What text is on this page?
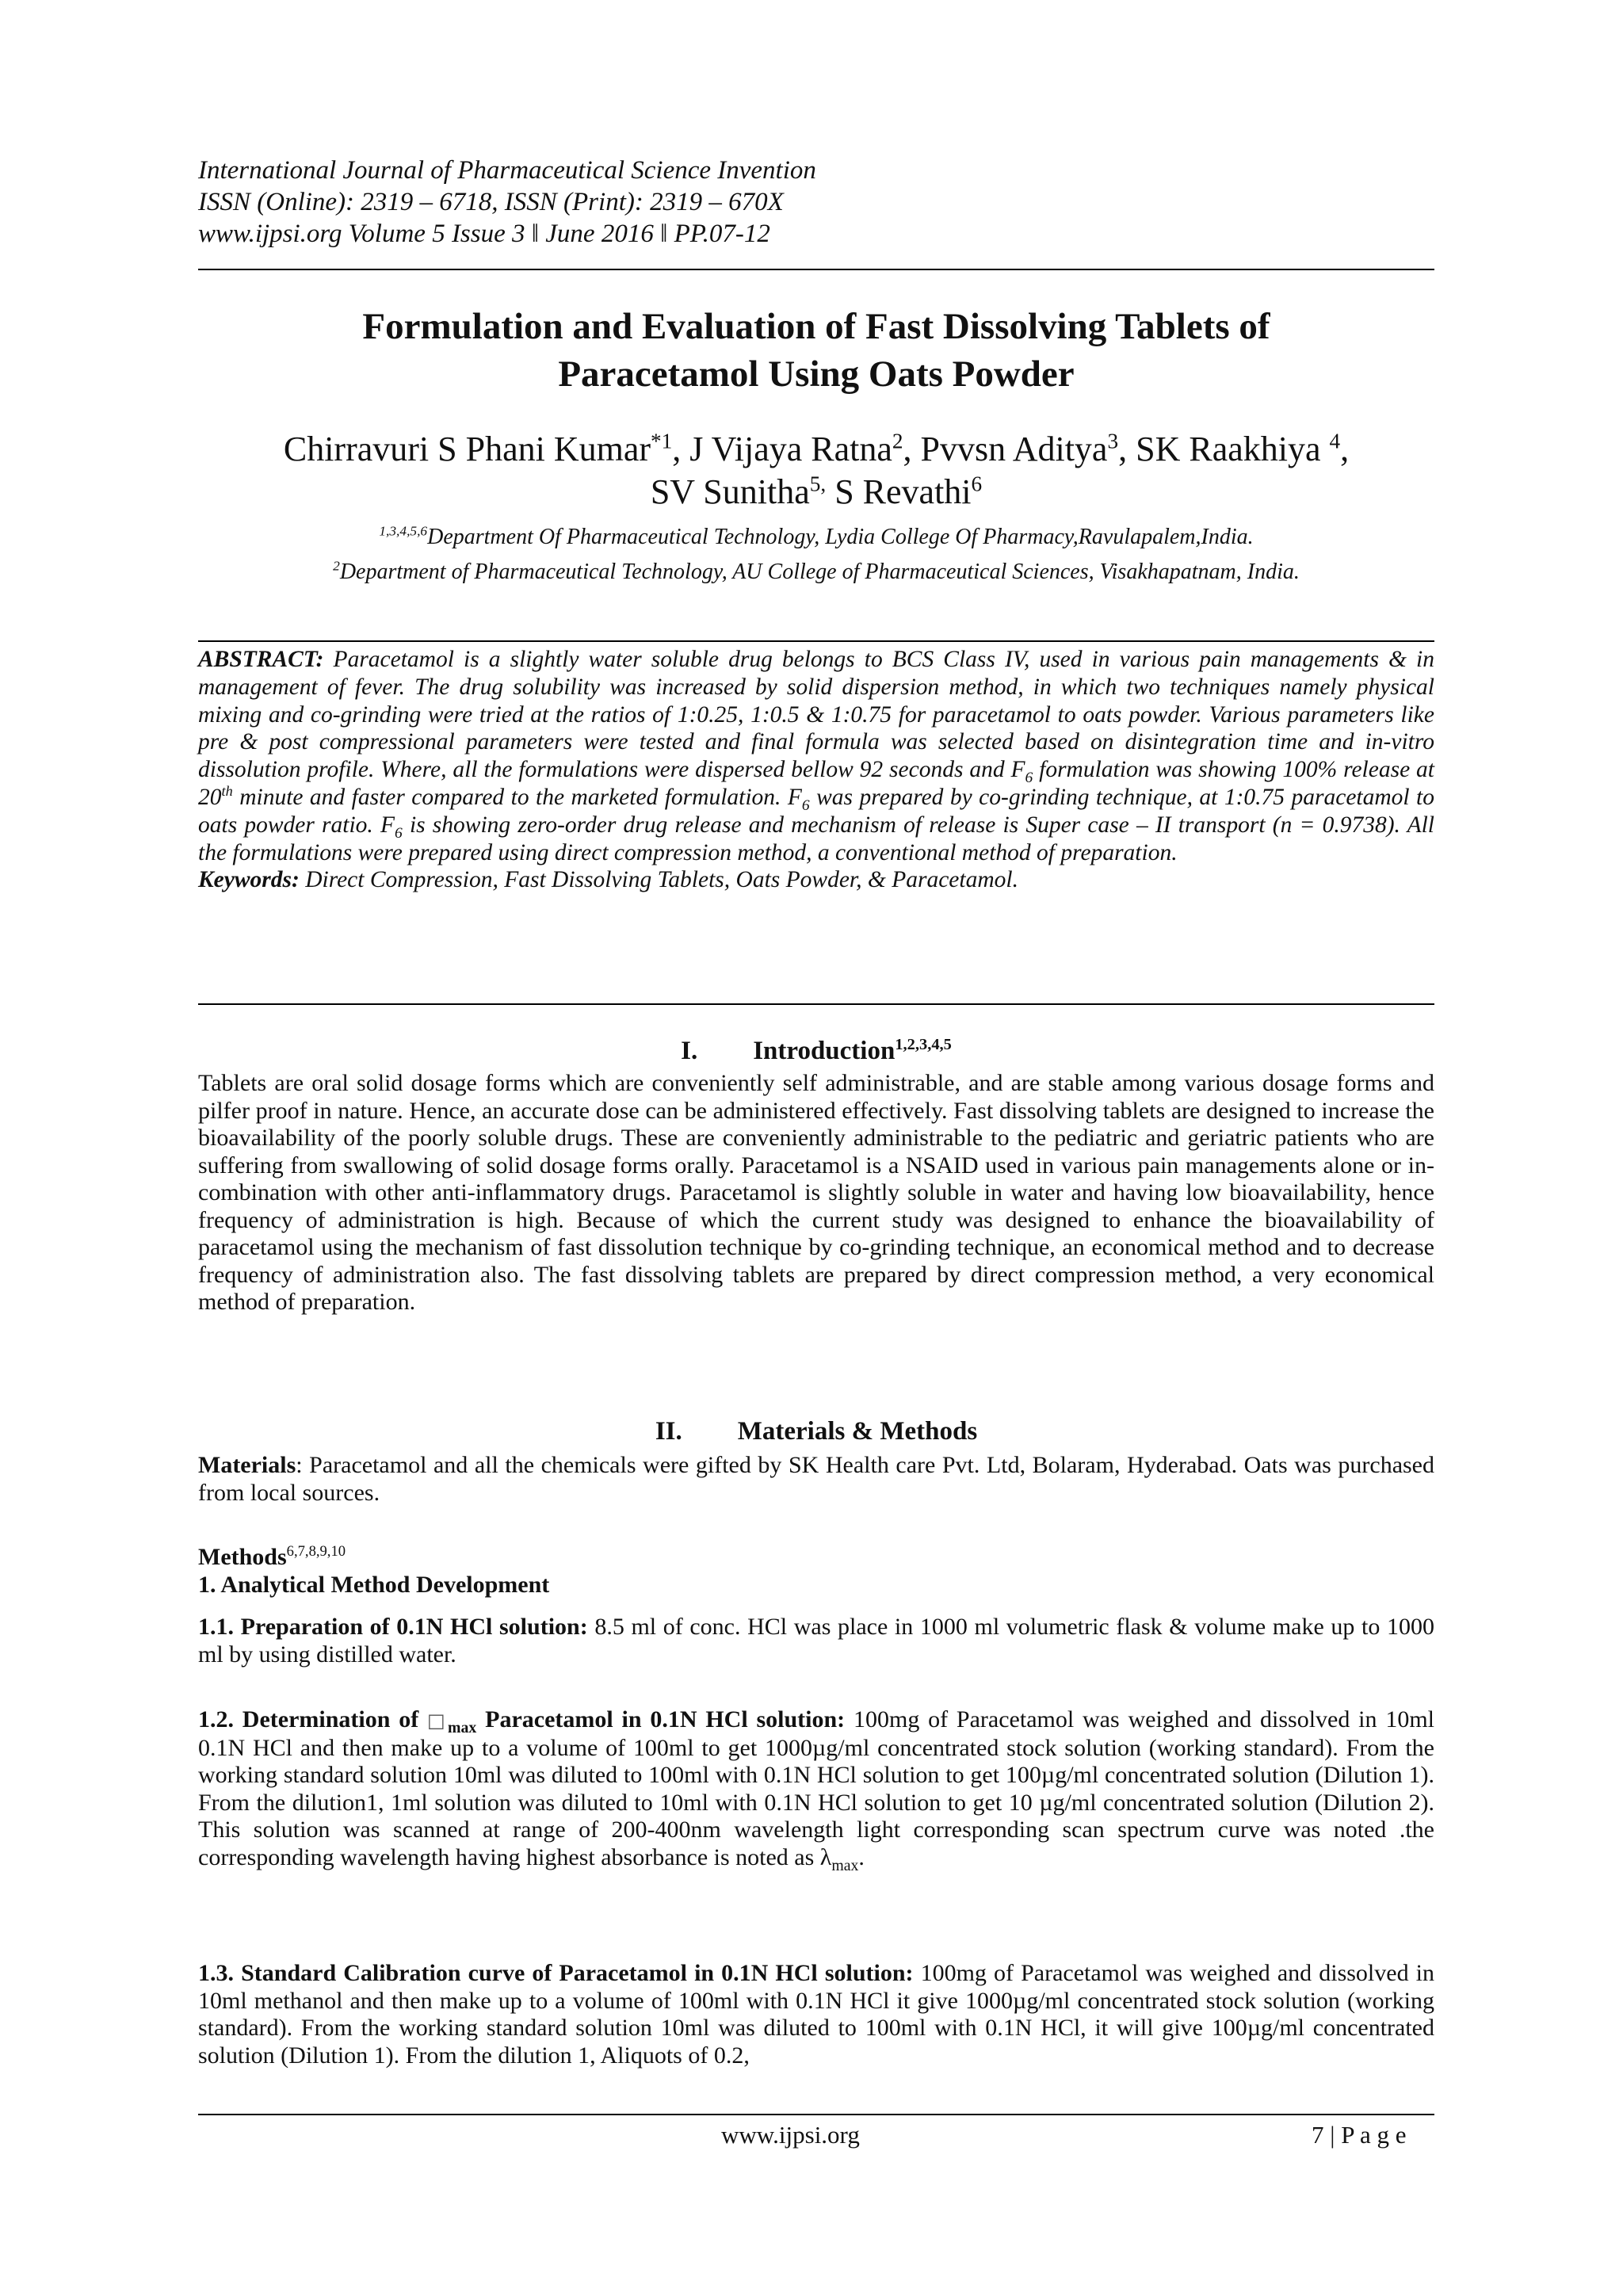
International Journal of Pharmaceutical Science Invention
ISSN (Online): 2319 – 6718, ISSN (Print): 2319 – 670X
www.ijpsi.org Volume 5 Issue 3 ǁ June 2016 ǁ PP.07-12
Formulation and Evaluation of Fast Dissolving Tablets of
Paracetamol Using Oats Powder
Chirravuri S Phani Kumar$^{*1}$, J Vijaya Ratna$^2$, Pvvsn Aditya$^3$, SK Raakhiya $^4$,
SV Sunitha$^{5,}$ S Revathi$^6$
$^{1,3,4,5,6}$Department Of Pharmaceutical Technology, Lydia College Of Pharmacy,Ravulapalem,India.
$^2$Department of Pharmaceutical Technology, AU College of Pharmaceutical Sciences, Visakhapatnam, India.

ABSTRACT: Paracetamol is a slightly water soluble drug belongs to BCS Class IV, used in various pain managements & in management of fever. The drug solubility was increased by solid dispersion method, in which two techniques namely physical mixing and co-grinding were tried at the ratios of 1:0.25, 1:0.5 & 1:0.75 for paracetamol to oats powder. Various parameters like pre & post compressional parameters were tested and final formula was selected based on disintegration time and in-vitro dissolution profile. Where, all the formulations were dispersed bellow 92 seconds and $F_6$ formulation was showing 100% release at 20th minute and faster compared to the marketed formulation. $F_6$ was prepared by co-grinding technique, at 1:0.75 paracetamol to oats powder ratio. $F_6$ is showing zero-order drug release and mechanism of release is Super case – II transport (n = 0.9738). All the formulations were prepared using direct compression method, a conventional method of preparation.

Keywords: Direct Compression, Fast Dissolving Tablets, Oats Powder, & Paracetamol.

I. Introduction$^{1,2,3,4,5}$

Tablets are oral solid dosage forms which are conveniently self administrable, and are stable among various dosage forms and pilfer proof in nature. Hence, an accurate dose can be administered effectively. Fast dissolving tablets are designed to increase the bioavailability of the poorly soluble drugs. These are conveniently administrable to the pediatric and geriatric patients who are suffering from swallowing of solid dosage forms orally. Paracetamol is a NSAID used in various pain managements alone or in-combination with other anti-inflammatory drugs. Paracetamol is slightly soluble in water and having low bioavailability, hence frequency of administration is high. Because of which the current study was designed to enhance the bioavailability of paracetamol using the mechanism of fast dissolution technique by co-grinding technique, an economical method and to decrease frequency of administration also. The fast dissolving tablets are prepared by direct compression method, a very economical method of preparation.

II. Materials & Methods

Materials: Paracetamol and all the chemicals were gifted by SK Health care Pvt. Ltd, Bolaram, Hyderabad. Oats was purchased from local sources.

Methods$^{6,7,8,9,10}$

1. Analytical Method Development

1.1. Preparation of 0.1N HCl solution: 8.5 ml of conc. HCl was place in 1000 ml volumetric flask & volume make up to 1000 ml by using distilled water.

1.2. Determination of $□_{max}$ Paracetamol in 0.1N HCl solution: 100mg of Paracetamol was weighed and dissolved in 10ml 0.1N HCl and then make up to a volume of 100ml to get 1000µg/ml concentrated stock solution (working standard). From the working standard solution 10ml was diluted to 100ml with 0.1N HCl solution to get 100µg/ml concentrated solution (Dilution 1). From the dilution1, 1ml solution was diluted to 10ml with 0.1N HCl solution to get 10 µg/ml concentrated solution (Dilution 2). This solution was scanned at range of 200-400nm wavelength light corresponding scan spectrum curve was noted .the corresponding wavelength having highest absorbance is noted as $\lambda_{max}$.

1.3. Standard Calibration curve of Paracetamol in 0.1N HCl solution: 100mg of Paracetamol was weighed and dissolved in 10ml methanol and then make up to a volume of 100ml with 0.1N HCl it give 1000µg/ml concentrated stock solution (working standard). From the working standard solution 10ml was diluted to 100ml with 0.1N HCl, it will give 100µg/ml concentrated solution (Dilution 1). From the dilution 1, Aliquots of 0.2,

www.ijpsi.org	7 | P a g e
